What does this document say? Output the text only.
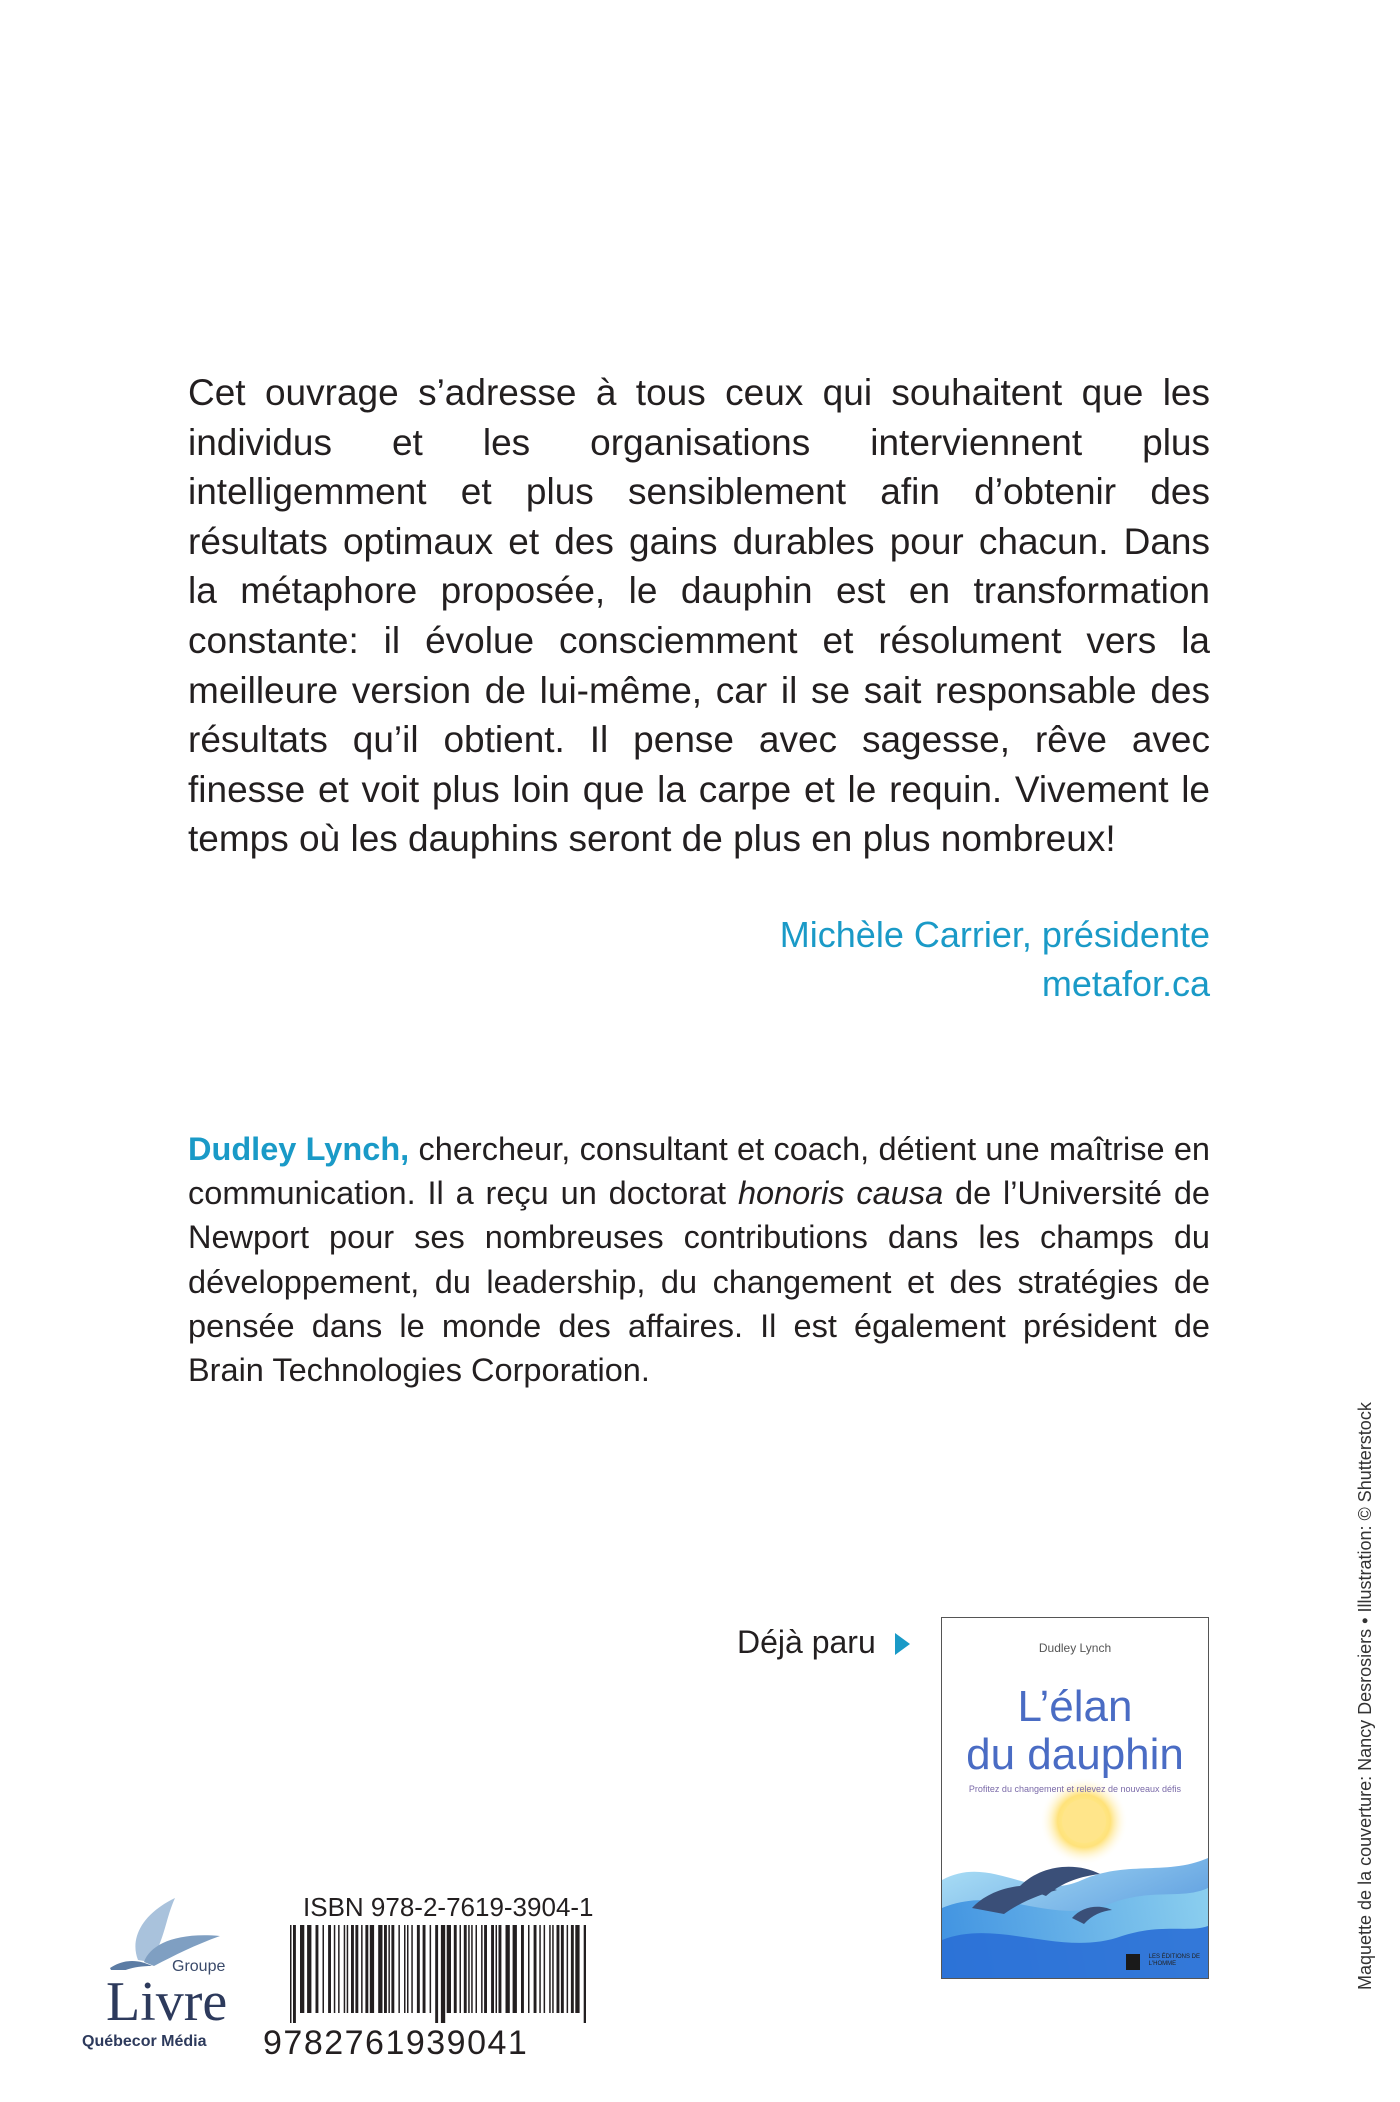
Cet ouvrage s’adresse à tous ceux qui souhaitent que les individus et les organisations interviennent plus intelligemment et plus sensiblement afin d’obtenir des résultats optimaux et des gains durables pour chacun. Dans la métaphore proposée, le dauphin est en transformation constante: il évolue consciemment et résolument vers la meilleure version de lui-même, car il se sait responsable des résultats qu’il obtient. Il pense avec sagesse, rêve avec finesse et voit plus loin que la carpe et le requin. Vivement le temps où les dauphins seront de plus en plus nombreux!

Michèle Carrier, présidente
metafor.ca

Dudley Lynch, chercheur, consultant et coach, détient une maîtrise en communication. Il a reçu un doctorat honoris causa de l’Université de Newport pour ses nombreuses contributions dans les champs du développement, du leadership, du changement et des stratégies de pensée dans le monde des affaires. Il est également président de Brain Technologies Corporation.

Maquette de la couverture: Nancy Desrosiers • Illustration: © Shutterstock
Déjà paru	Dudley Lynch
L’élan
du dauphin
Profitez du changement et relevez de nouveaux défis
LES ÉDITIONS DE
L'HOMME
Groupe
Livre
Québecor Média
ISBN 978-2-7619-3904-1
9782761939041
